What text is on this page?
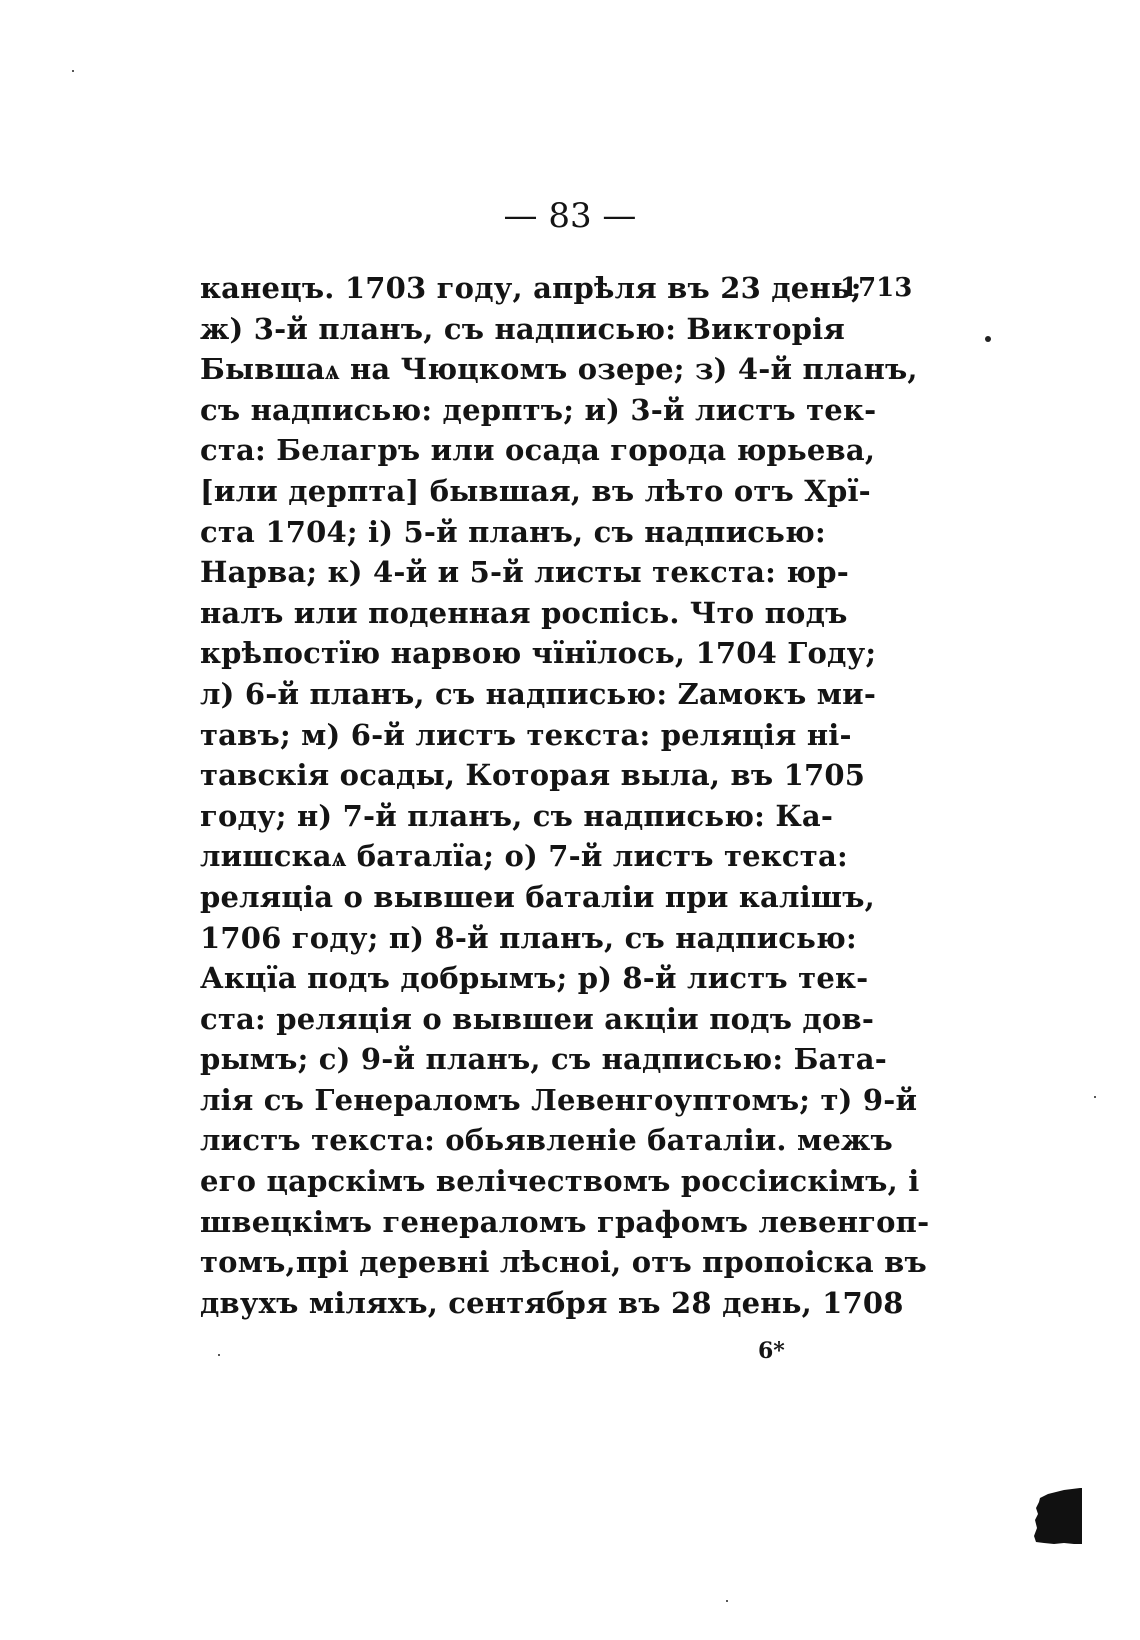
— 83 —
1713
канецъ. 1703 году, апрѣля въ 23 день;
ж) 3-й планъ, съ надписью: Викторія
Бывшаѧ на Чюцкомъ озере; з) 4-й планъ,
съ надписью: дерптъ; и) 3-й листъ тек-
ста: Белагръ или осада города юрьева,
[или дерпта] бывшая, въ лѣто отъ Хрї-
ста 1704; і) 5-й планъ, съ надписью:
Нарва; к) 4-й и 5-й листы текста: юр-
налъ или поденная роспісь. Что подъ
крѣпостїю нарвою чїнїлось, 1704 Году;
л) 6-й планъ, съ надписью: Ζамокъ ми-
тавъ; м) 6-й листъ текста: реляція ні-
тавскія осады, Которая выла, въ 1705
году; н) 7-й планъ, съ надписью: Ка-
лишскаѧ баталїа; о) 7-й листъ текста:
реляціа о вывшеи баталіи при калішъ,
1706 году; п) 8-й планъ, съ надписью:
Акцїа подъ добрымъ; р) 8-й листъ тек-
ста: реляція о вывшеи акціи подъ дов-
рымъ; с) 9-й планъ, съ надписью: Бата-
лія съ Генераломъ Левенгоуптомъ; т) 9-й
листъ текста: обьявленіе баталіи. межъ
его царскімъ велічествомъ россіискімъ, і
швецкімъ генераломъ графомъ левенгоп-
томъ,прі деревні лѣсноі, отъ пропоіска въ
двухъ міляхъ, сентября въ 28 день, 1708
6*
